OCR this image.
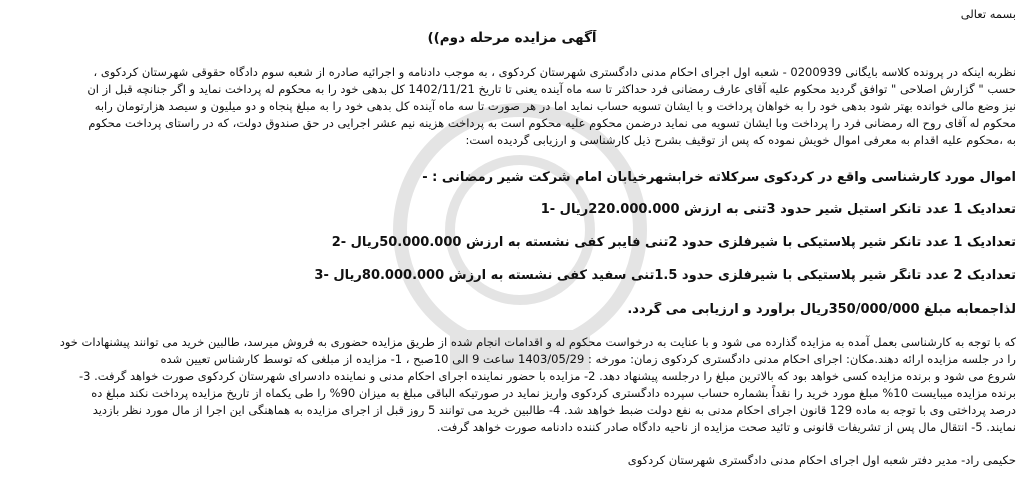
بسمه تعالی
آگهی مزایده مرحله دوم))
نظربه اینکه در پرونده کلاسه بایگانی 0200939 - شعبه اول اجرای احکام مدنی دادگستری شهرستان کردکوی ، به موجب دادنامه و اجرائیه صادره از شعبه سوم دادگاه حقوقی شهرستان کردکوی ،
حسب " گزارش اصلاحی " توافق گردید محکوم علیه آقای عارف رمضانی فرد حداکثر تا سه ماه آینده یعنی تا تاریخ 1402/11/21 کل بدهی خود را به محکوم له پرداخت نماید و اگر جنانچه قبل از ان
نیز وضع مالی خوانده بهتر شود بدهی خود را به خواهان پرداخت و با ایشان تسویه حساب نماید اما در هر صورت تا سه ماه آینده کل بدهی خود را به مبلغ پنجاه و دو میلیون و سیصد هزارتومان رابه
محکوم له آقای روح اله رمضانی فرد را پرداخت وبا ایشان تسویه می نماید درضمن محکوم علیه محکوم است به پرداخت هزینه نیم عشر اجرایی در حق صندوق دولت، که در راستای پرداخت محکوم
به ،محکوم علیه اقدام به معرفی اموال خویش نموده که پس از توقیف بشرح ذیل کارشناسی و ارزیابی گردیده است:
اموال مورد کارشناسی واقع در کردکوی سرکلاته خرابشهرخیابان امام شرکت شیر رمضانی : -
تعدادیک 1 عدد تانکر استیل شیر حدود 3تنی به ارزش 220.000.000ریال -1
تعدادیک 1 عدد تانکر شیر پلاستیکی با شیرفلزی حدود 2تنی فایبر کفی نشسته به ارزش 50.000.000ریال -2
تعدادیک 2 عدد تانگر شیر پلاستیکی با شیرفلزی حدود 1.5تنی سفید کفی نشسته به ارزش 80.000.000ریال -3
لذاجمعاًبه مبلغ 350/000/000ریال برآورد و ارزیابی می گردد.
که با توجه به کارشناسی بعمل آمده به مزایده گذارده می شود و با عنایت به درخواست محکوم له و اقدامات انجام شده از طریق مزایده حضوری به فروش میرسد، طالبین خرید می توانند پیشنهادات خود
را در جلسه مزایده ارائه دهند.مکان: اجرای احکام مدنی دادگستری کردکوی زمان: مورخه : 1403/05/29 ساعت 9 الی 10صبح ، 1- مزایده از مبلغی که توسط کارشناس تعیین شده
شروع می شود و برنده مزایده کسی خواهد بود که بالاترین مبلغ را درجلسه پیشنهاد دهد. 2- مزایده با حضور نماینده اجرای احکام مدنی و نماینده دادسرای شهرستان کردکوی صورت خواهد گرفت. 3-
برنده مزایده میبایست 10% مبلغ مورد خرید را نقداً بشماره حساب سپرده دادگستری کردکوی واریز نماید در صورتیکه الباقی مبلغ به میزان 90% را طی یکماه از تاریخ مزایده پرداخت نکند مبلغ ده
درصد پرداختی وی با توجه به ماده 129 قانون اجرای احکام مدنی به نفع دولت ضبط خواهد شد. 4- طالبین خرید می توانند 5 روز قبل از اجرای مزایده به هماهنگی این اجرا از مال مورد نظر بازدید
نمایند. 5- انتقال مال پس از تشریفات قانونی و تائید صحت مزایده از ناحیه دادگاه صادر کننده دادنامه صورت خواهد گرفت.
حکیمی راد- مدیر دفتر شعبه اول اجرای احکام مدنی دادگستری شهرستان کردکوی
